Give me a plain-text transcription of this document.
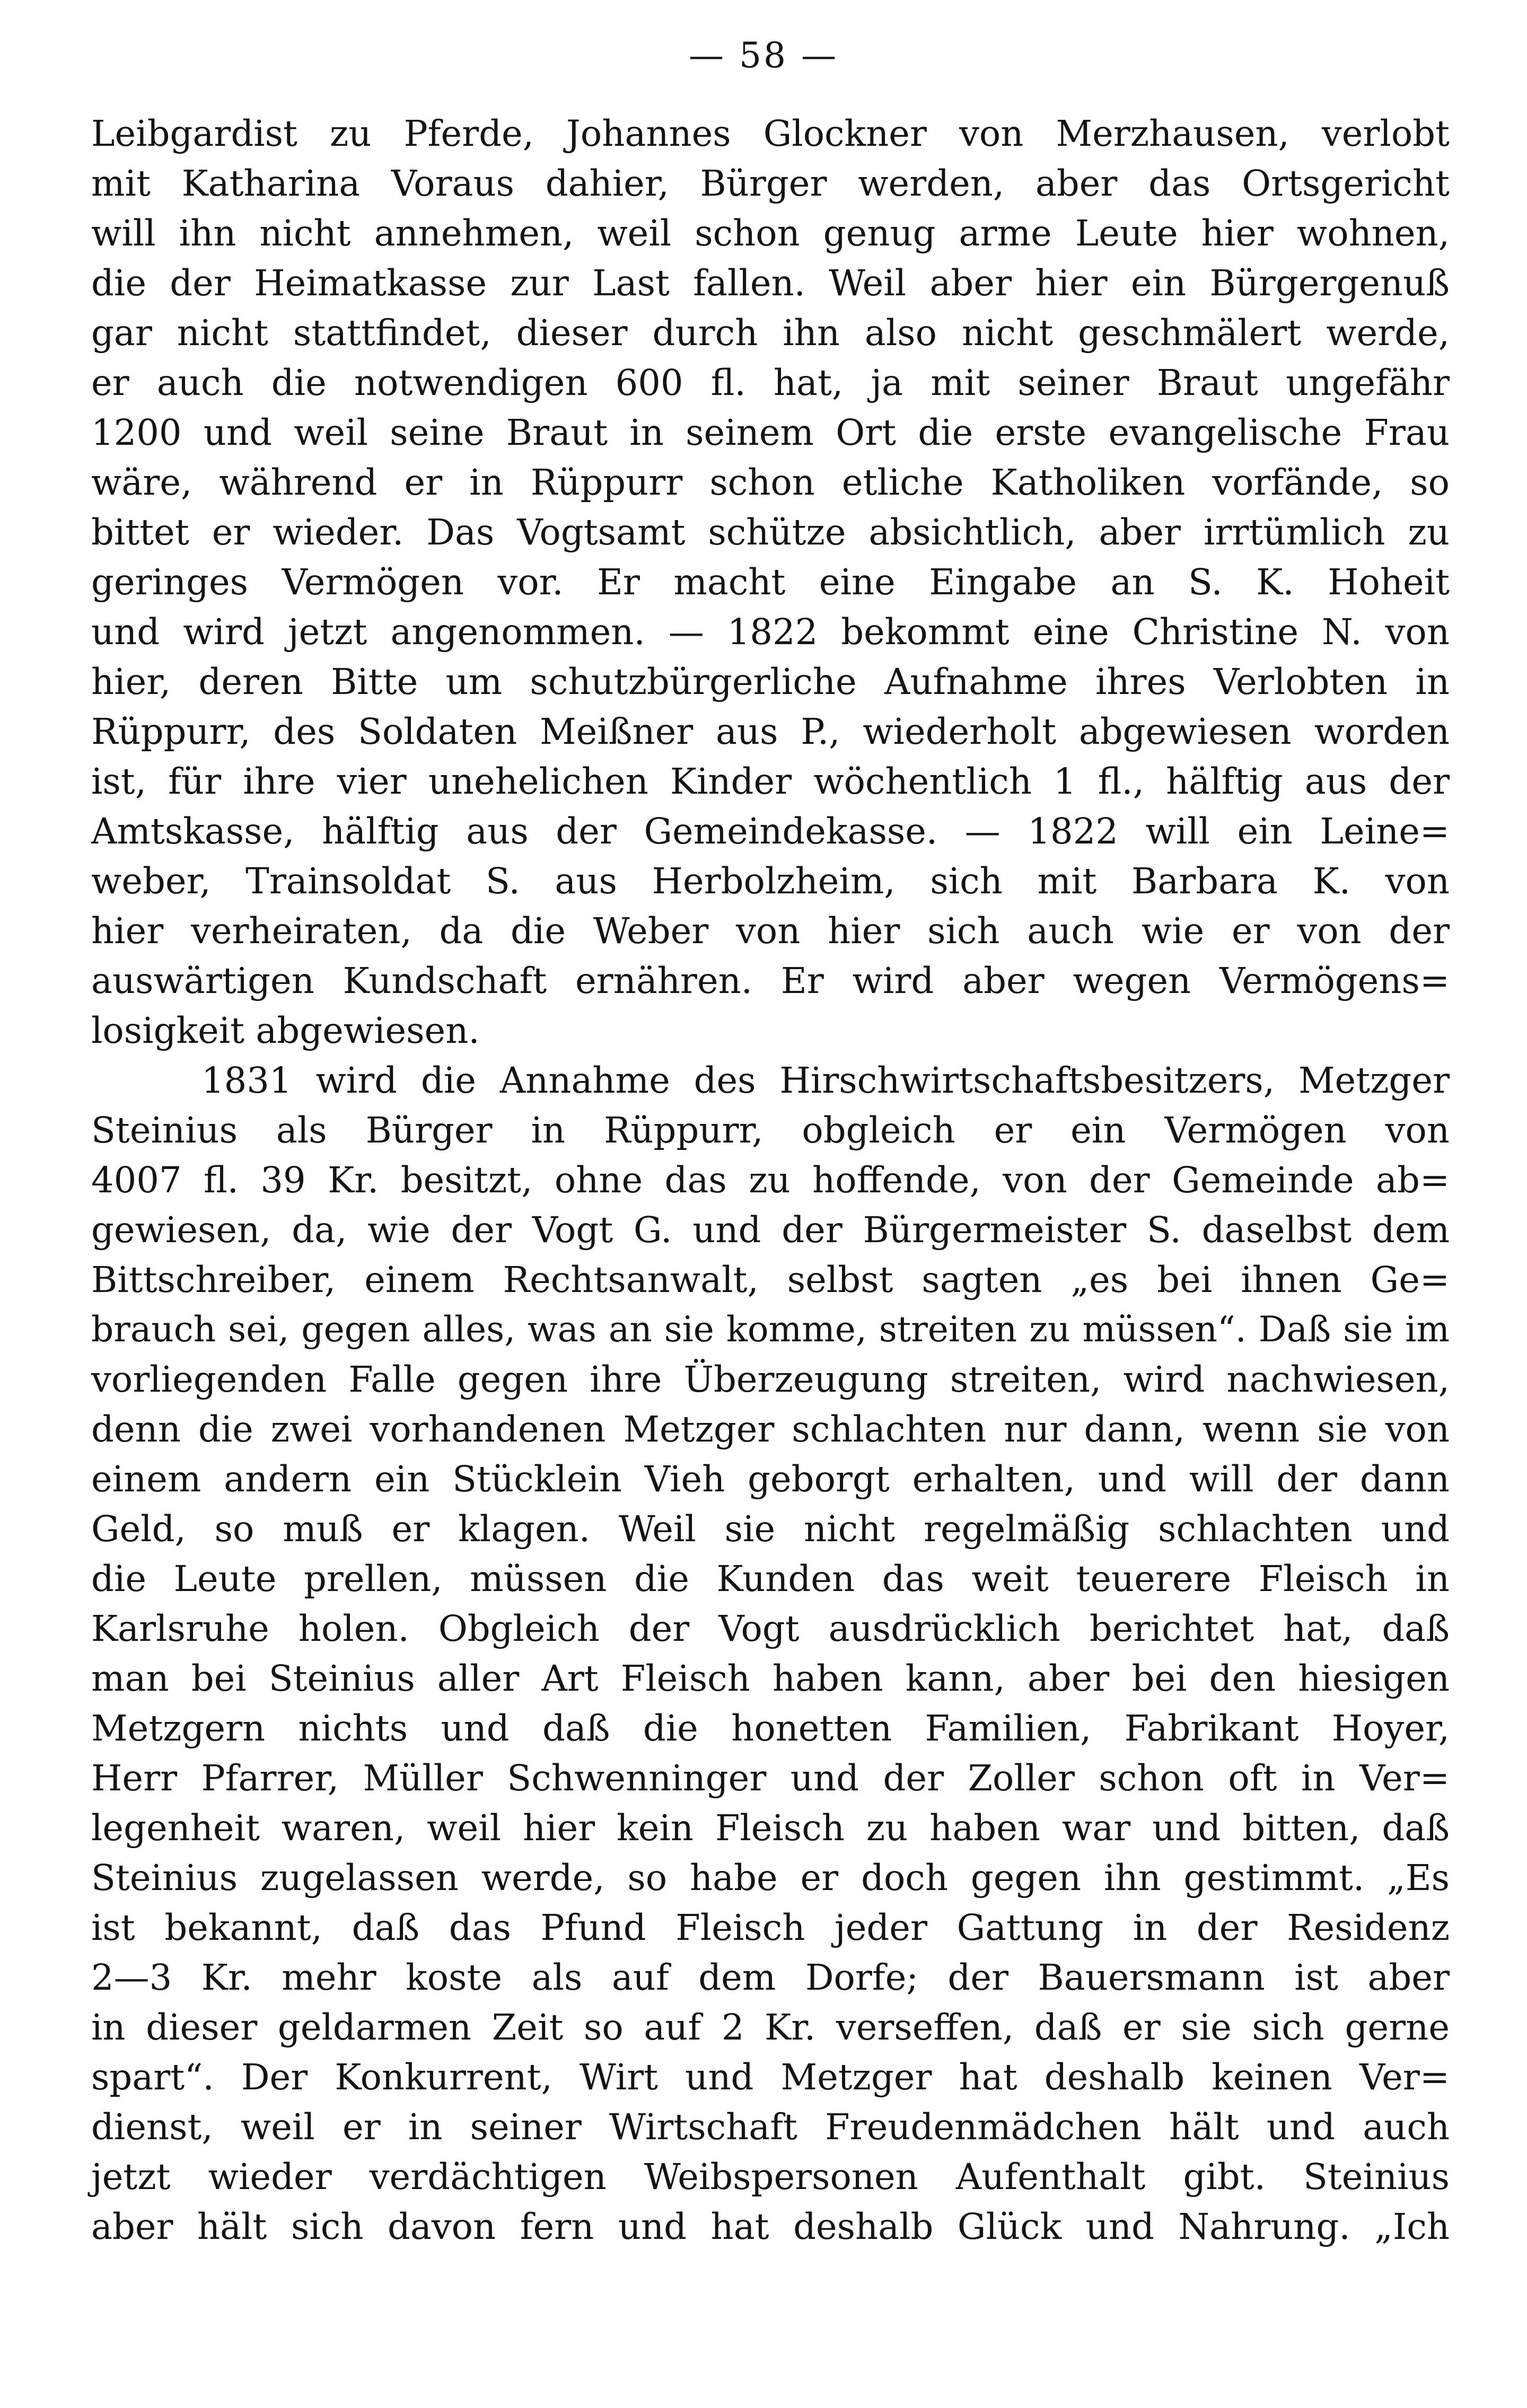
— 58 —
Leibgardist zu Pferde, Johannes Glockner von Merzhausen, verlobt
mit Katharina Voraus dahier, Bürger werden, aber das Ortsgericht
will ihn nicht annehmen, weil schon genug arme Leute hier wohnen,
die der Heimatkasse zur Last fallen. Weil aber hier ein Bürgergenuß
gar nicht stattfindet, dieser durch ihn also nicht geschmälert werde,
er auch die notwendigen 600 fl. hat, ja mit seiner Braut ungefähr
1200 und weil seine Braut in seinem Ort die erste evangelische Frau
wäre, während er in Rüppurr schon etliche Katholiken vorfände, so
bittet er wieder. Das Vogtsamt schütze absichtlich, aber irrtümlich zu
geringes Vermögen vor. Er macht eine Eingabe an S. K. Hoheit
und wird jetzt angenommen. — 1822 bekommt eine Christine N. von
hier, deren Bitte um schutzbürgerliche Aufnahme ihres Verlobten in
Rüppurr, des Soldaten Meißner aus P., wiederholt abgewiesen worden
ist, für ihre vier unehelichen Kinder wöchentlich 1 fl., hälftig aus der
Amtskasse, hälftig aus der Gemeindekasse. — 1822 will ein Leine=
weber, Trainsoldat S. aus Herbolzheim, sich mit Barbara K. von
hier verheiraten, da die Weber von hier sich auch wie er von der
auswärtigen Kundschaft ernähren. Er wird aber wegen Vermögens=
losigkeit abgewiesen.
1831 wird die Annahme des Hirschwirtschaftsbesitzers, Metzger
Steinius als Bürger in Rüppurr, obgleich er ein Vermögen von
4007 fl. 39 Kr. besitzt, ohne das zu hoffende, von der Gemeinde ab=
gewiesen, da, wie der Vogt G. und der Bürgermeister S. daselbst dem
Bittschreiber, einem Rechtsanwalt, selbst sagten „es bei ihnen Ge=
brauch sei, gegen alles, was an sie komme, streiten zu müssen“. Daß sie im
vorliegenden Falle gegen ihre Überzeugung streiten, wird nachwiesen,
denn die zwei vorhandenen Metzger schlachten nur dann, wenn sie von
einem andern ein Stücklein Vieh geborgt erhalten, und will der dann
Geld, so muß er klagen. Weil sie nicht regelmäßig schlachten und
die Leute prellen, müssen die Kunden das weit teuerere Fleisch in
Karlsruhe holen. Obgleich der Vogt ausdrücklich berichtet hat, daß
man bei Steinius aller Art Fleisch haben kann, aber bei den hiesigen
Metzgern nichts und daß die honetten Familien, Fabrikant Hoyer,
Herr Pfarrer, Müller Schwenninger und der Zoller schon oft in Ver=
legenheit waren, weil hier kein Fleisch zu haben war und bitten, daß
Steinius zugelassen werde, so habe er doch gegen ihn gestimmt. „Es
ist bekannt, daß das Pfund Fleisch jeder Gattung in der Residenz
2—3 Kr. mehr koste als auf dem Dorfe; der Bauersmann ist aber
in dieser geldarmen Zeit so auf 2 Kr. verseffen, daß er sie sich gerne
spart“. Der Konkurrent, Wirt und Metzger hat deshalb keinen Ver=
dienst, weil er in seiner Wirtschaft Freudenmädchen hält und auch
jetzt wieder verdächtigen Weibspersonen Aufenthalt gibt. Steinius
aber hält sich davon fern und hat deshalb Glück und Nahrung. „Ich
